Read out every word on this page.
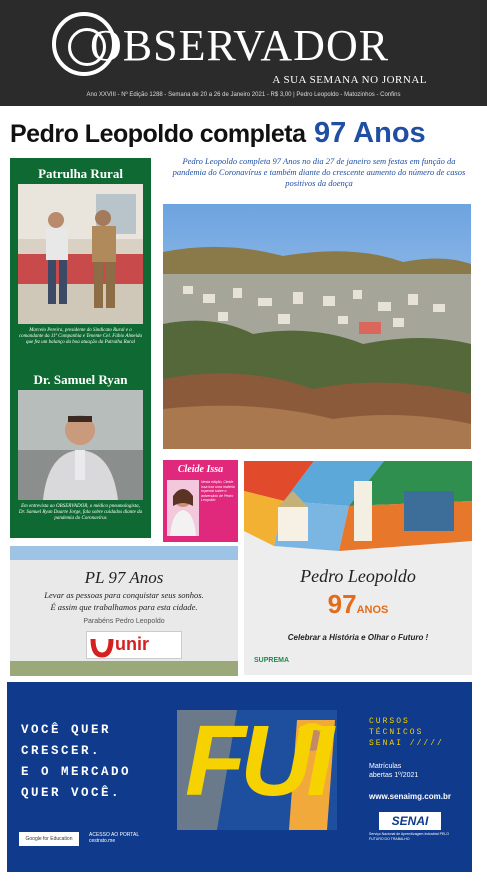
OBSERVADOR
A SUA SEMANA NO JORNAL
Ano XXVIII - Nº Edição 1288 - Semana de 20 a 26 de Janeiro 2021 - R$ 3,00 | Pedro Leopoldo - Matozinhos - Confins
Pedro Leopoldo completa 97 Anos
Patrulha Rural
Marcelo Pereira, presidente do Sindicato Rural e o comandante da 11ª Companhia e Tenente Cel. Fábio Almeida que fez um balanço da boa atuação da Patrulha Rural
Dr. Samuel Ryan
Em entrevista ao OBSERVADOR, o médico pneumologista, Dr. Samuel Ryan Duarte Jorge, fala sobre cuidados diante da pandemia do Coronavírus
Pedro Leopoldo completa 97 Anos no dia 27 de janeiro sem festas em função da pandemia do Coronavírus e também diante do crescente aumento do número de casos positivos da doença
Cleide Issa
Nesta edição, Cleide Issa traz uma matéria especial sobre o aniversário de Pedro Leopoldo
Pedro Leopoldo
97ANOS
Celebrar a História e Olhar o Futuro !
SUPREMA
PL 97 Anos
Levar as pessoas para conquistar seus sonhos.
É assim que trabalhamos para esta cidade.
Parabéns Pedro Leopoldo
unir
VOCÊ QUER
CRESCER.
E O MERCADO
QUER VOCÊ. FUI	CURSOS
TÉCNICOS
SENAI /////
Matrículas
abertas 1º/2021
www.senaimg.com.br
SENAI
Serviço Nacional de Aprendizagem Industrial PELO FUTURO DO TRABALHO
Google for Education
ACESSO AO PORTAL
cestrato.me
